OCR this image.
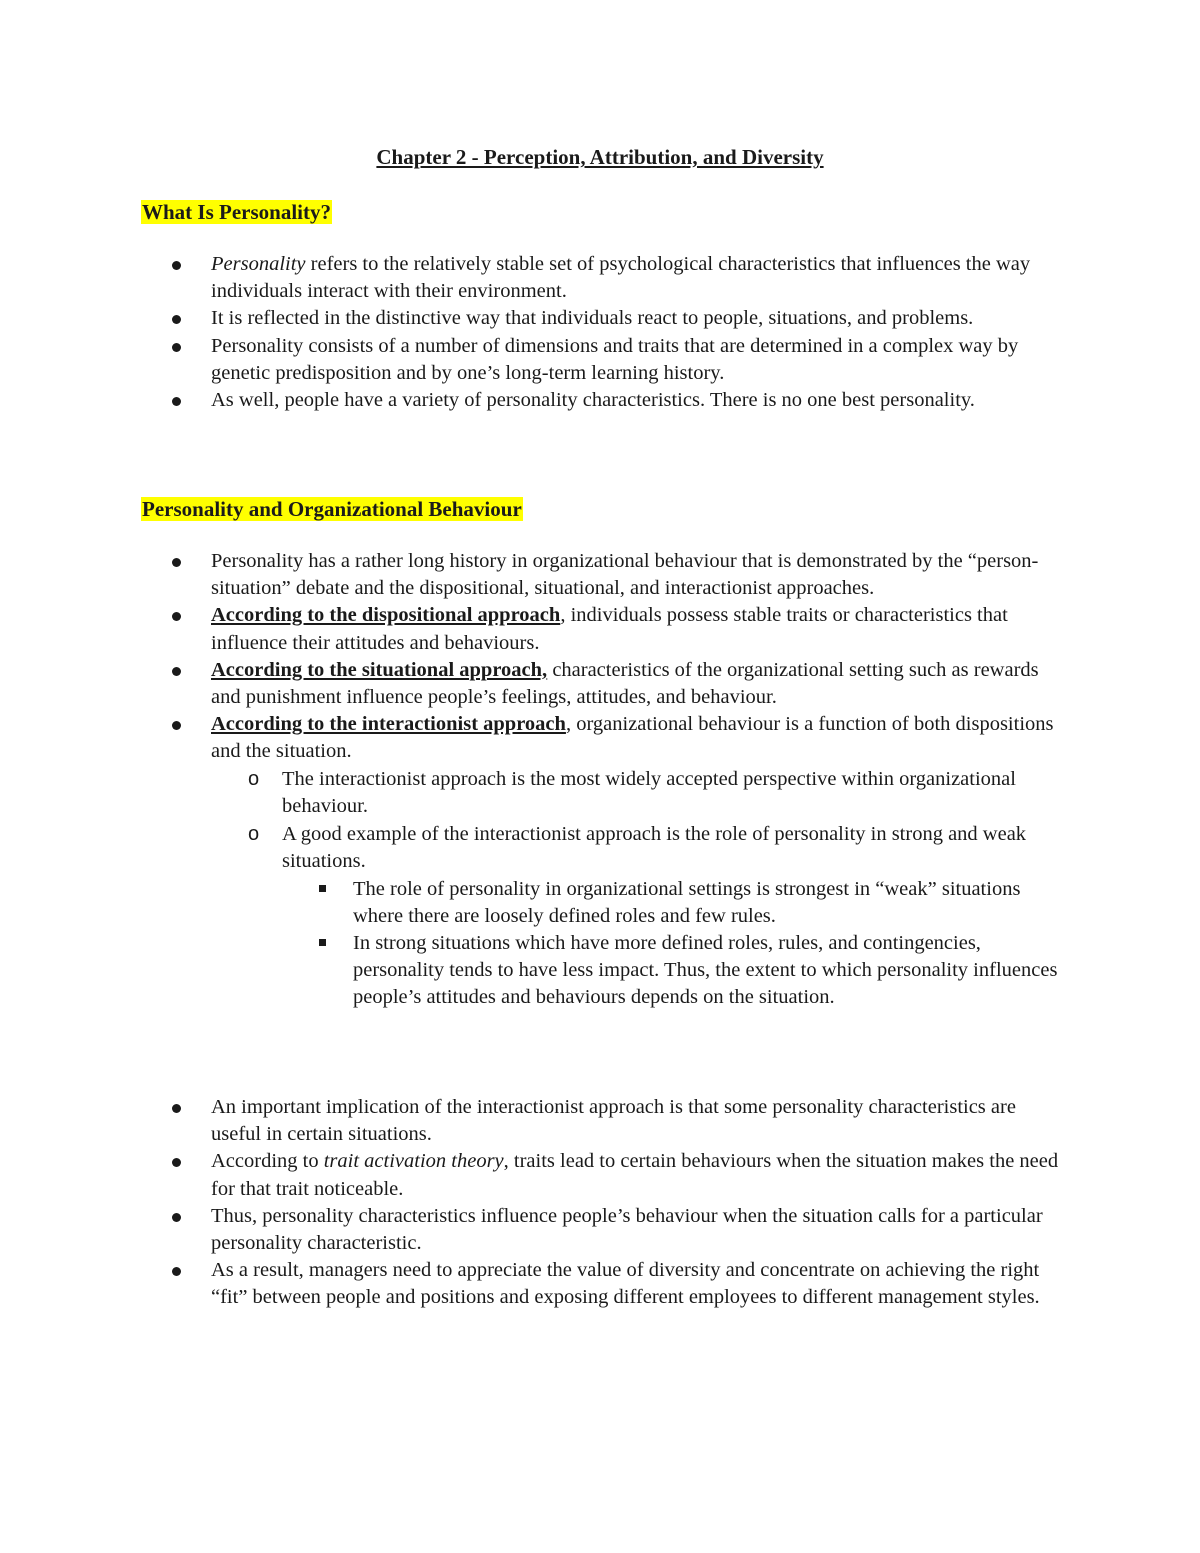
Chapter 2 - Perception, Attribution, and Diversity
What Is Personality?
Personality refers to the relatively stable set of psychological characteristics that influences the way individuals interact with their environment.
It is reflected in the distinctive way that individuals react to people, situations, and problems.
Personality consists of a number of dimensions and traits that are determined in a complex way by genetic predisposition and by one’s long-term learning history.
As well, people have a variety of personality characteristics. There is no one best personality.
Personality and Organizational Behaviour
Personality has a rather long history in organizational behaviour that is demonstrated by the “person-situation” debate and the dispositional, situational, and interactionist approaches.
According to the dispositional approach, individuals possess stable traits or characteristics that influence their attitudes and behaviours.
According to the situational approach, characteristics of the organizational setting such as rewards and punishment influence people’s feelings, attitudes, and behaviour.
According to the interactionist approach, organizational behaviour is a function of both dispositions and the situation.
o The interactionist approach is the most widely accepted perspective within organizational behaviour.
o A good example of the interactionist approach is the role of personality in strong and weak situations.
The role of personality in organizational settings is strongest in “weak” situations where there are loosely defined roles and few rules.
In strong situations which have more defined roles, rules, and contingencies, personality tends to have less impact. Thus, the extent to which personality influences people’s attitudes and behaviours depends on the situation.
An important implication of the interactionist approach is that some personality characteristics are useful in certain situations.
According to trait activation theory, traits lead to certain behaviours when the situation makes the need for that trait noticeable.
Thus, personality characteristics influence people’s behaviour when the situation calls for a particular personality characteristic.
As a result, managers need to appreciate the value of diversity and concentrate on achieving the right “fit” between people and positions and exposing different employees to different management styles.
